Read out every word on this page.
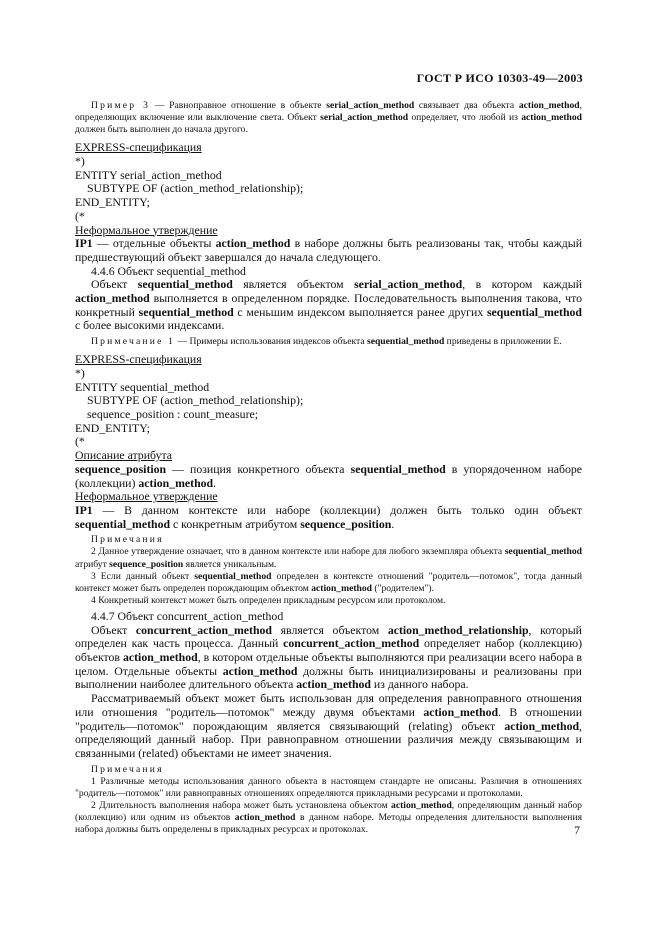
ГОСТ Р ИСО 10303-49—2003

Пример 3 — Равноправное отношение в объекте serial_action_method связывает два объекта action_method, определяющих включение или выключение света. Объект serial_action_method определяет, что любой из action_method должен быть выполнен до начала другого.

EXPRESS-спецификация
*)
ENTITY serial_action_method
SUBTYPE OF (action_method_relationship);
END_ENTITY;
(*
Неформальное утверждение

IP1 — отдельные объекты action_method в наборе должны быть реализованы так, чтобы каждый предшествующий объект завершался до начала следующего.

4.4.6 Объект sequential_method

Объект sequential_method является объектом serial_action_method, в котором каждый action_method выполняется в определенном порядке. Последовательность выполнения такова, что конкретный sequential_method с меньшим индексом выполняется ранее других sequential_method с более высокими индексами.

Примечание 1 — Примеры использования индексов объекта sequential_method приведены в приложении Е.

EXPRESS-спецификация
*)
ENTITY sequential_method
SUBTYPE OF (action_method_relationship);
sequence_position : count_measure;
END_ENTITY;
(*
Описание атрибута

sequence_position — позиция конкретного объекта sequential_method в упорядоченном наборе (коллекции) action_method.

Неформальное утверждение

IP1 — В данном контексте или наборе (коллекции) должен быть только один объект sequential_method с конкретным атрибутом sequence_position.

Примечания

2 Данное утверждение означает, что в данном контексте или наборе для любого экземпляра объекта sequential_method атрибут sequence_position является уникальным.

3 Если данный объект sequential_method определен в контексте отношений "родитель—потомок", тогда данный контекст может быть определен порождающим объектом action_method ("родителем").

4 Конкретный контекст может быть определен прикладным ресурсом или протоколом.

4.4.7 Объект concurrent_action_method

Объект concurrent_action_method является объектом action_method_relationship, который определен как часть процесса. Данный concurrent_action_method определяет набор (коллекцию) объектов action_method, в котором отдельные объекты выполняются при реализации всего набора в целом. Отдельные объекты action_method должны быть инициализированы и реализованы при выполнении наиболее длительного объекта action_method из данного набора.

Рассматриваемый объект может быть использован для определения равноправного отношения или отношения "родитель—потомок" между двумя объектами action_method. В отношении "родитель—потомок" порождающим является связывающий (relating) объект action_method, определяющий данный набор. При равноправном отношении различия между связывающим и связанными (related) объектами не имеет значения.

Примечания

1 Различные методы использования данного объекта в настоящем стандарте не описаны. Различия в отношениях "родитель—потомок" или равноправных отношениях определяются прикладными ресурсами и протоколами.

2 Длительность выполнения набора может быть установлена объектом action_method, определяющим данный набор (коллекцию) или одним из объектов action_method в данном наборе. Методы определения длительности выполнения набора должны быть определены в прикладных ресурсах и протоколах.	7
